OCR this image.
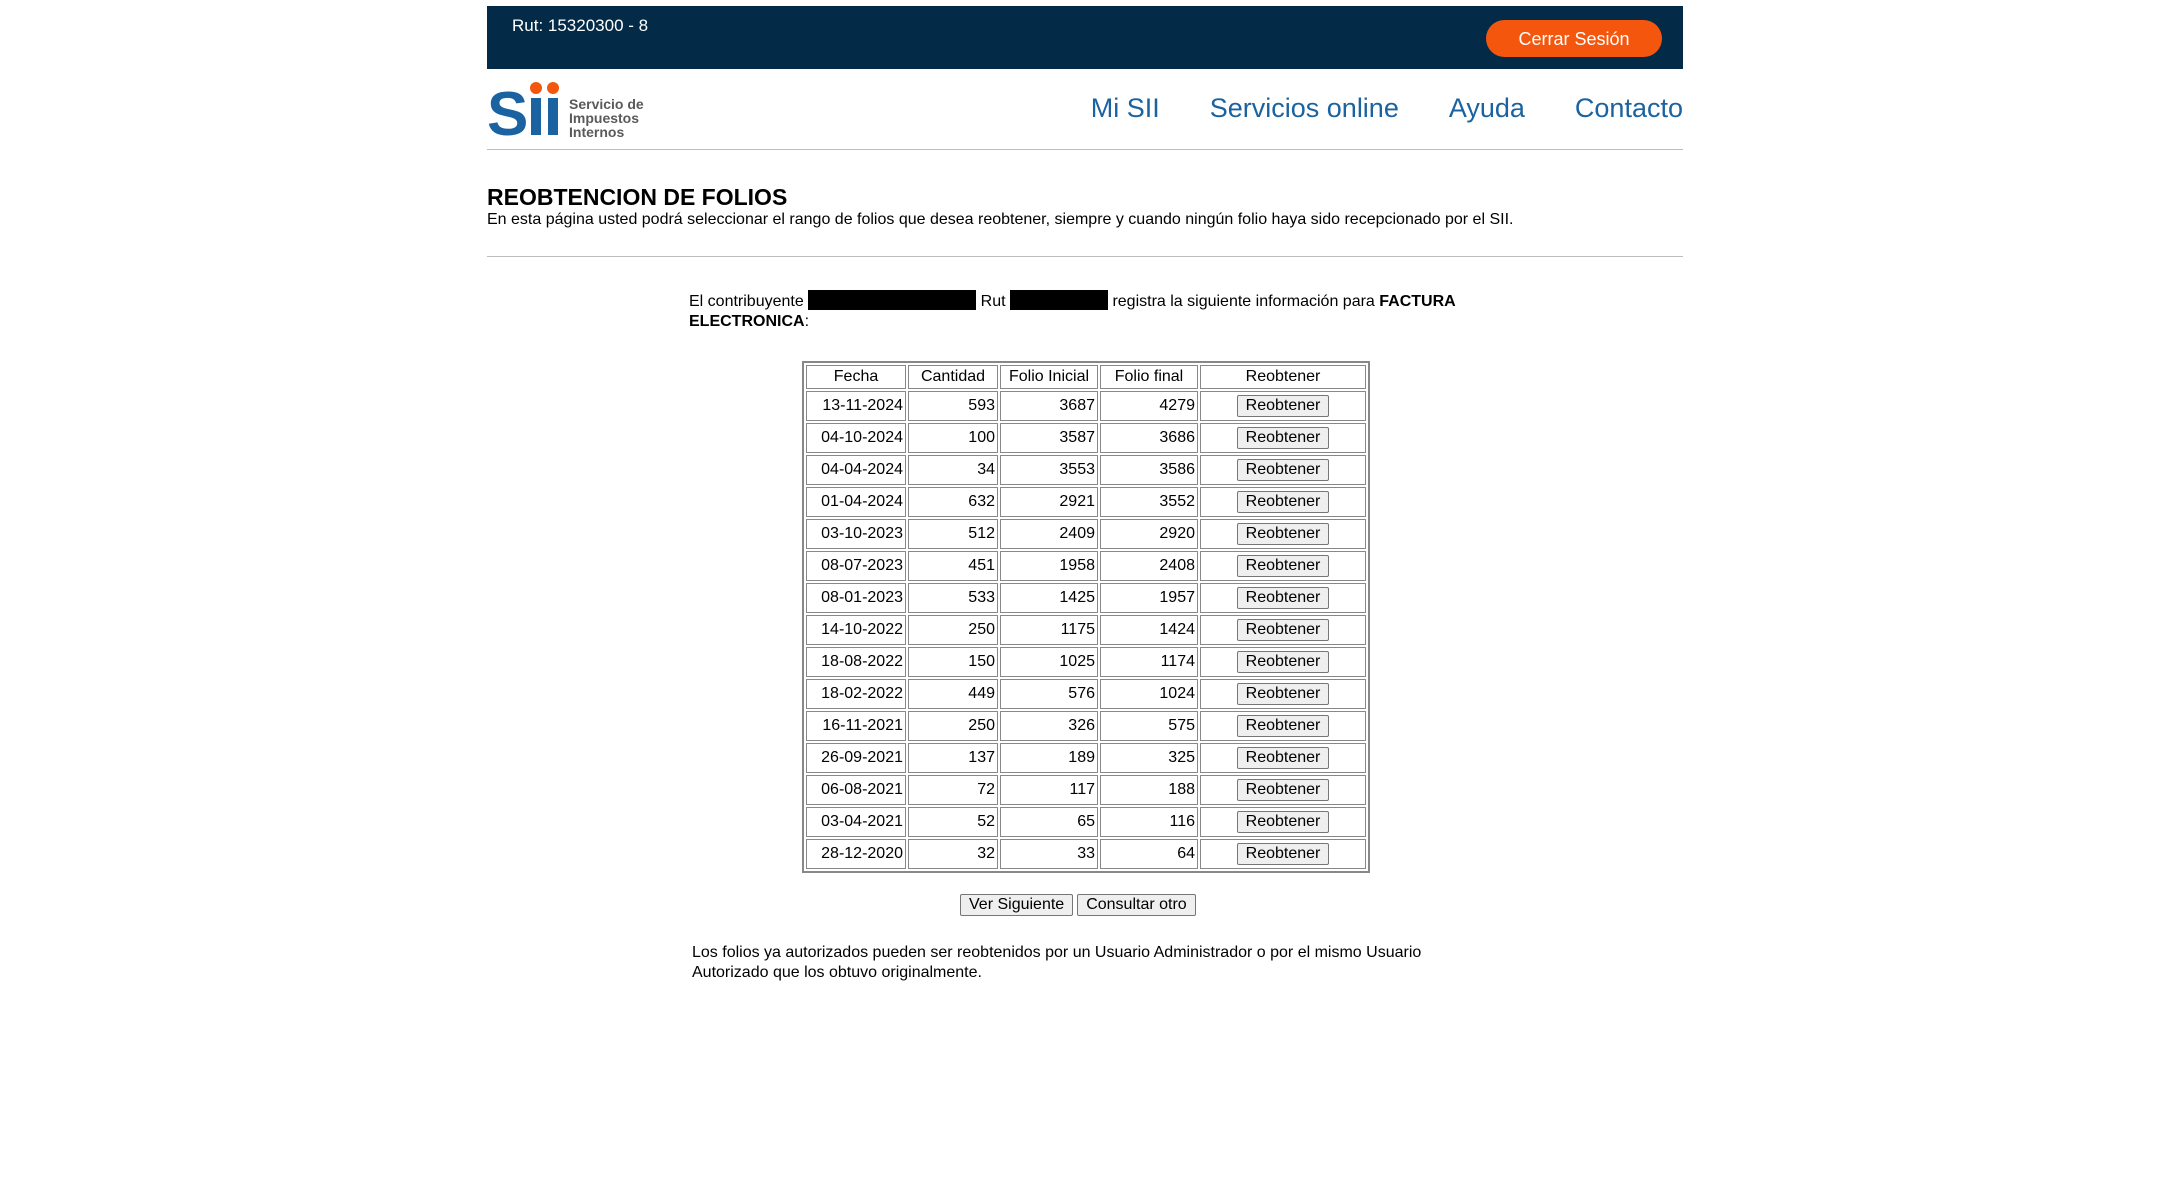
Rut: 15320300 - 8
Cerrar Sesión
S	Servicio de
Impuestos
Internos
Mi SII Servicios online Ayuda Contacto
REOBTENCION DE FOLIOS

En esta página usted podrá seleccionar el rango de folios que desea reobtener, siempre y cuando ningún folio haya sido recepcionado por el SII.

El contribuyente	Rut	registra la siguiente información para FACTURA ELECTRONICA:
Fecha	Cantidad	Folio Inicial	Folio final	Reobtener
13-11-2024	593	3687	4279	Reobtener
04-10-2024	100	3587	3686	Reobtener
04-04-2024	34	3553	3586	Reobtener
01-04-2024	632	2921	3552	Reobtener
03-10-2023	512	2409	2920	Reobtener
08-07-2023	451	1958	2408	Reobtener
08-01-2023	533	1425	1957	Reobtener
14-10-2022	250	1175	1424	Reobtener
18-08-2022	150	1025	1174	Reobtener
18-02-2022	449	576	1024	Reobtener
16-11-2021	250	326	575	Reobtener
26-09-2021	137	189	325	Reobtener
06-08-2021	72	117	188	Reobtener
03-04-2021	52	65	116	Reobtener
28-12-2020	32	33	64	Reobtener
Ver Siguiente	Consultar otro
Los folios ya autorizados pueden ser reobtenidos por un Usuario Administrador o por el mismo Usuario Autorizado que los obtuvo originalmente.
